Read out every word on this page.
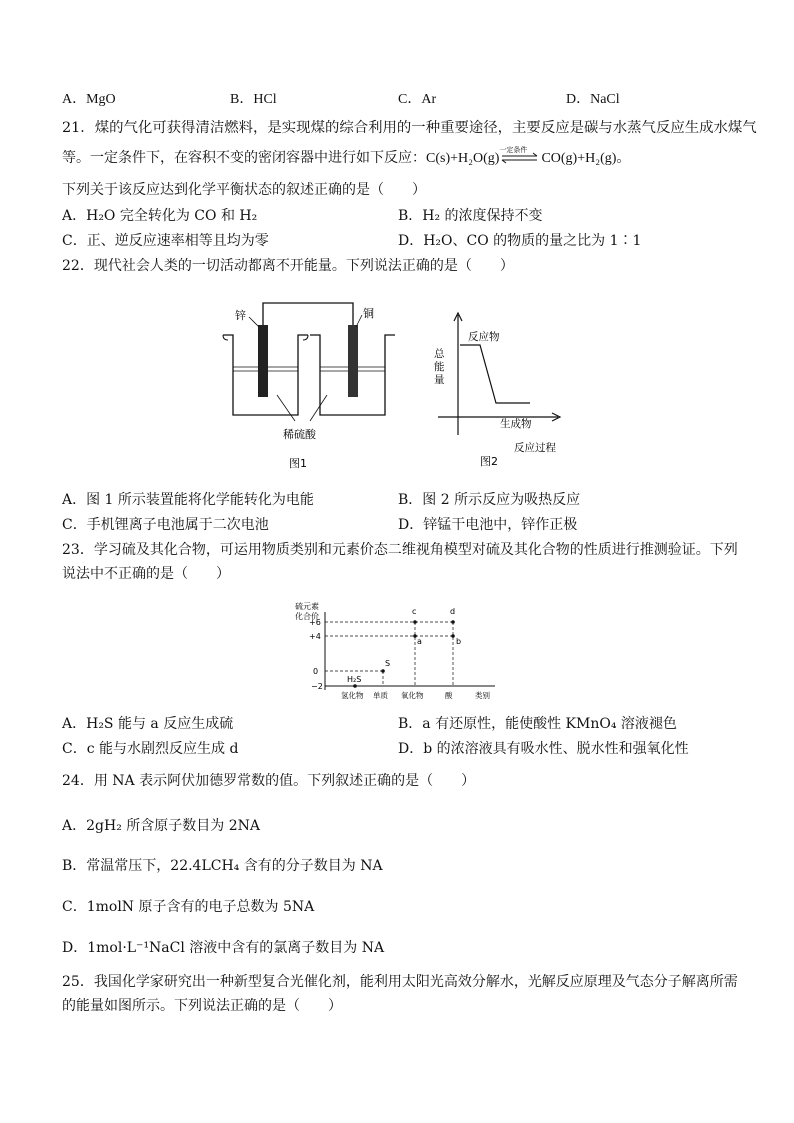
A．MgO	B．HCl	C．Ar	D．NaCl
21．煤的气化可获得清洁燃料，是实现煤的综合利用的一种重要途径，主要反应是碳与水蒸气反应生成水煤气
等。一定条件下，在容积不变的密闭容器中进行如下反应：C(s)+H₂O(g)
一定条件
CO(g)+H₂(g)。
下列关于该反应达到化学平衡状态的叙述正确的是（　　）
A．H₂O 完全转化为 CO 和 H₂	B．H₂ 的浓度保持不变
C．正、逆反应速率相等且均为零	D．H₂O、CO 的物质的量之比为 1∶1
22．现代社会人类的一切活动都离不开能量。下列说法正确的是（　　）
锌	铜
稀硫酸
图1
总能量
反应物
生成物
反应过程
图2
A．图 1 所示装置能将化学能转化为电能	B．图 2 所示反应为吸热反应
C．手机锂离子电池属于二次电池	D．锌锰干电池中，锌作正极
23．学习硫及其化合物，可运用物质类别和元素价态二维视角模型对硫及其化合物的性质进行推测验证。下列
说法中不正确的是（　　）
硫元素
化合价
+6
+4
0
−2
H₂S
S
a	b
c	d
氢化物 单质 氧化物	酸	类别
A．H₂S 能与 a 反应生成硫	B．a 有还原性，能使酸性 KMnO₄ 溶液褪色
C．c 能与水剧烈反应生成 d	D．b 的浓溶液具有吸水性、脱水性和强氧化性
24．用 NA 表示阿伏加德罗常数的值。下列叙述正确的是（　　）
A．2gH₂ 所含原子数目为 2NA
B．常温常压下，22.4LCH₄ 含有的分子数目为 NA
C．1molN 原子含有的电子总数为 5NA
D．1mol·L⁻¹NaCl 溶液中含有的氯离子数目为 NA
25．我国化学家研究出一种新型复合光催化剂，能利用太阳光高效分解水，光解反应原理及气态分子解离所需
的能量如图所示。下列说法正确的是（　　）
